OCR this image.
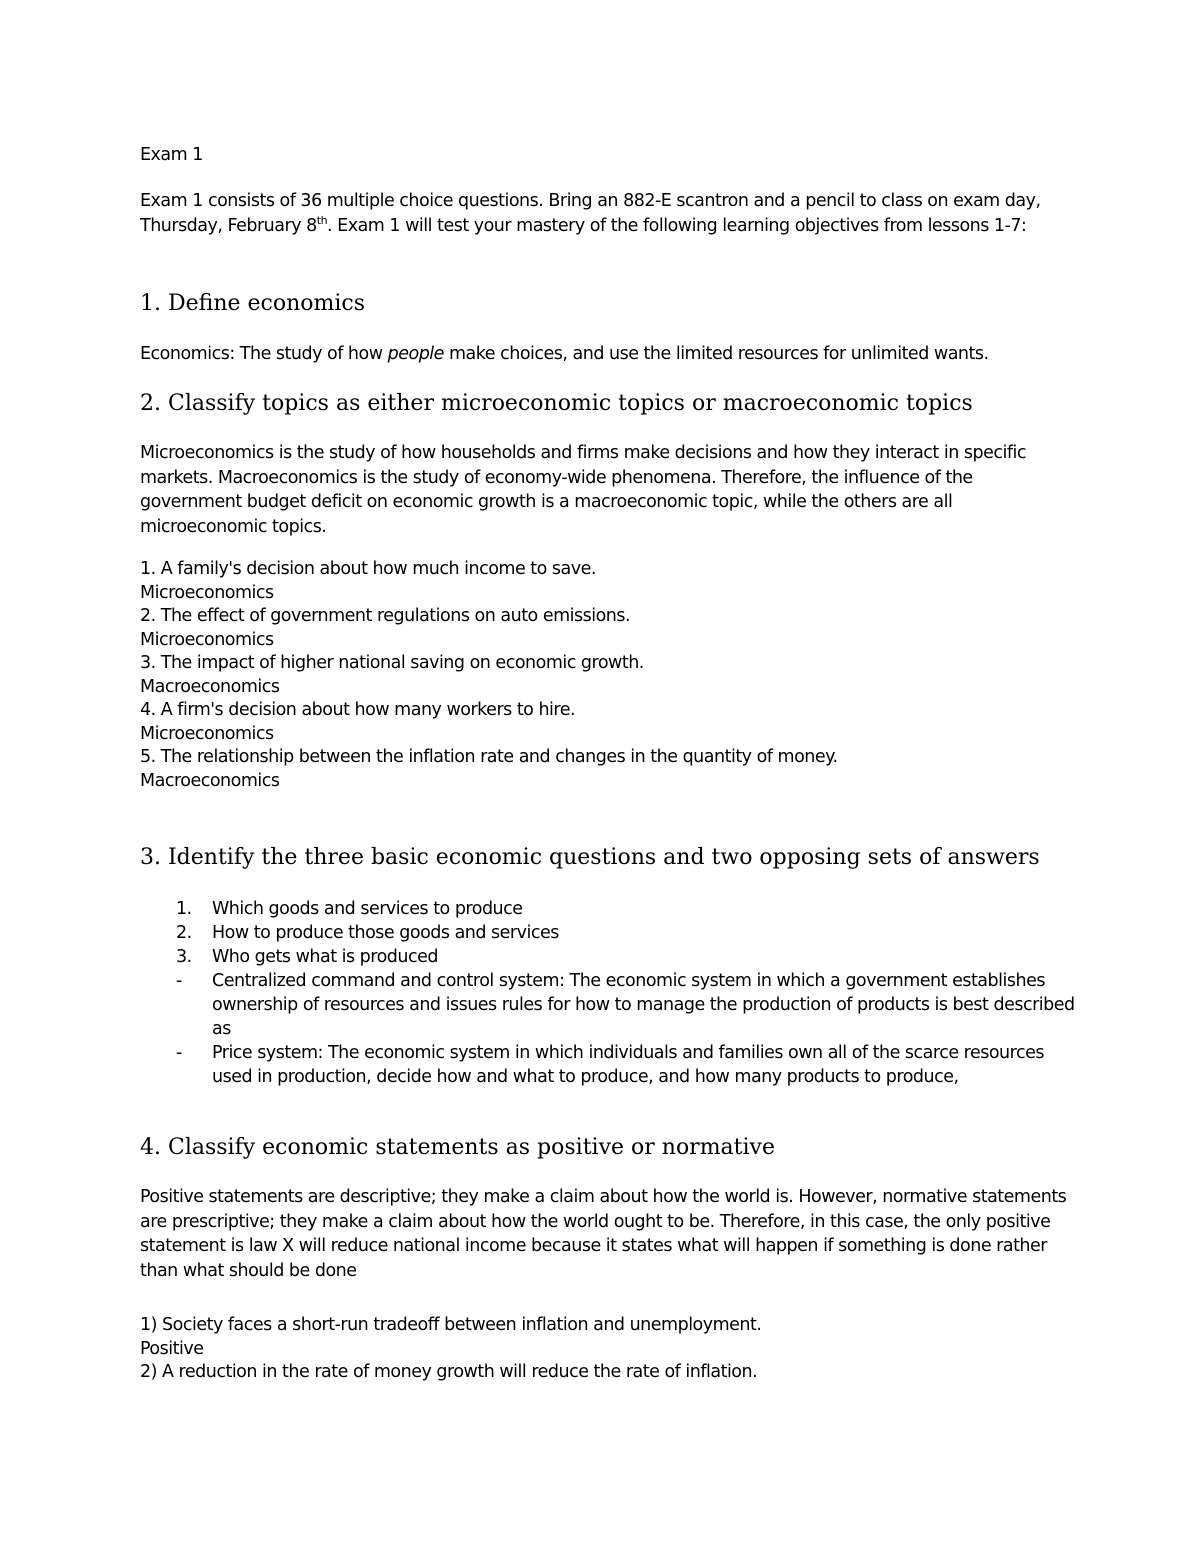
Exam 1

Exam 1 consists of 36 multiple choice questions. Bring an 882-E scantron and a pencil to class on exam day, Thursday, February 8th. Exam 1 will test your mastery of the following learning objectives from lessons 1-7:

1. Define economics

Economics: The study of how people make choices, and use the limited resources for unlimited wants.

2. Classify topics as either microeconomic topics or macroeconomic topics

Microeconomics is the study of how households and firms make decisions and how they interact in specific markets. Macroeconomics is the study of economy-wide phenomena. Therefore, the influence of the government budget deficit on economic growth is a macroeconomic topic, while the others are all microeconomic topics.

1. A family's decision about how much income to save.
Microeconomics
2. The effect of government regulations on auto emissions.
Microeconomics
3. The impact of higher national saving on economic growth.
Macroeconomics
4. A firm's decision about how many workers to hire.
Microeconomics
5. The relationship between the inflation rate and changes in the quantity of money.
Macroeconomics
3. Identify the three basic economic questions and two opposing sets of answers
1. Which goods and services to produce
2. How to produce those goods and services
3. Who gets what is produced
- Centralized command and control system: The economic system in which a government establishes ownership of resources and issues rules for how to manage the production of products is best described as
- Price system: The economic system in which individuals and families own all of the scarce resources used in production, decide how and what to produce, and how many products to produce,
4. Classify economic statements as positive or normative

Positive statements are descriptive; they make a claim about how the world is. However, normative statements are prescriptive; they make a claim about how the world ought to be. Therefore, in this case, the only positive statement is law X will reduce national income because it states what will happen if something is done rather than what should be done

1) Society faces a short-run tradeoff between inflation and unemployment.
Positive
2) A reduction in the rate of money growth will reduce the rate of inflation.
